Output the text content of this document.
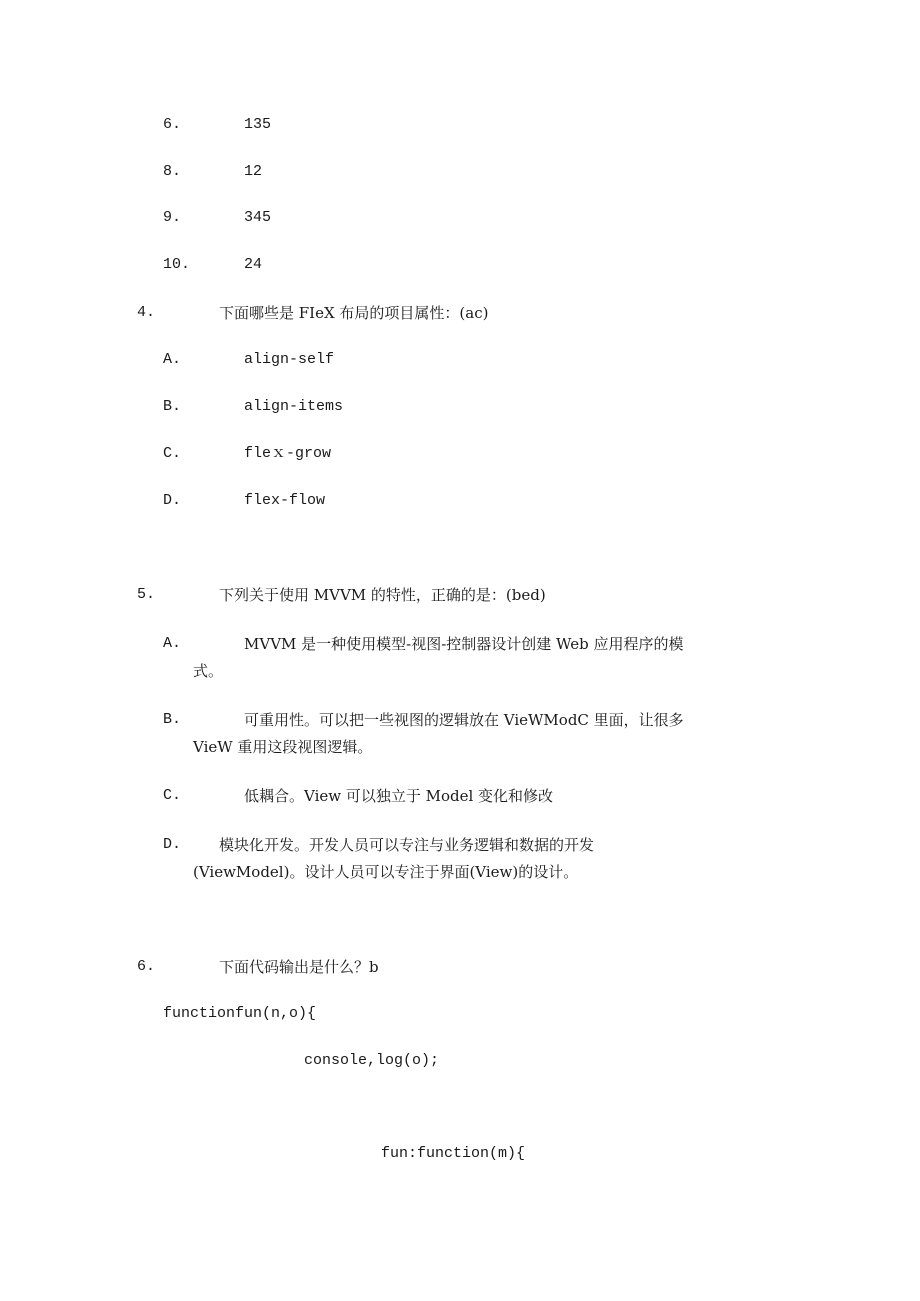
6.	135
8.	12
9.	345
10.	24
4.	下面哪些是 FIeX 布局的项目属性：(ac)
A.	align-self
B.	align-items
C.	fleｘ-grow
D.	flex-flow
5.	下列关于使用 MVVM 的特性，正确的是：(bed)
A.	MVVM 是一种使用模型-视图-控制器设计创建 Web 应用程序的模
式。
B.	可重用性。可以把一些视图的逻辑放在 VieWModC 里面，让很多
VieW 重用这段视图逻辑。
C.	低耦合。View 可以独立于 Model 变化和修改
D.	模块化开发。开发人员可以专注与业务逻辑和数据的开发
(ViewModel)。设计人员可以专注于界面(View)的设计。
6.	下面代码输出是什么？b
functionfun(n,o){
console,log(o);
fun:function(m){
